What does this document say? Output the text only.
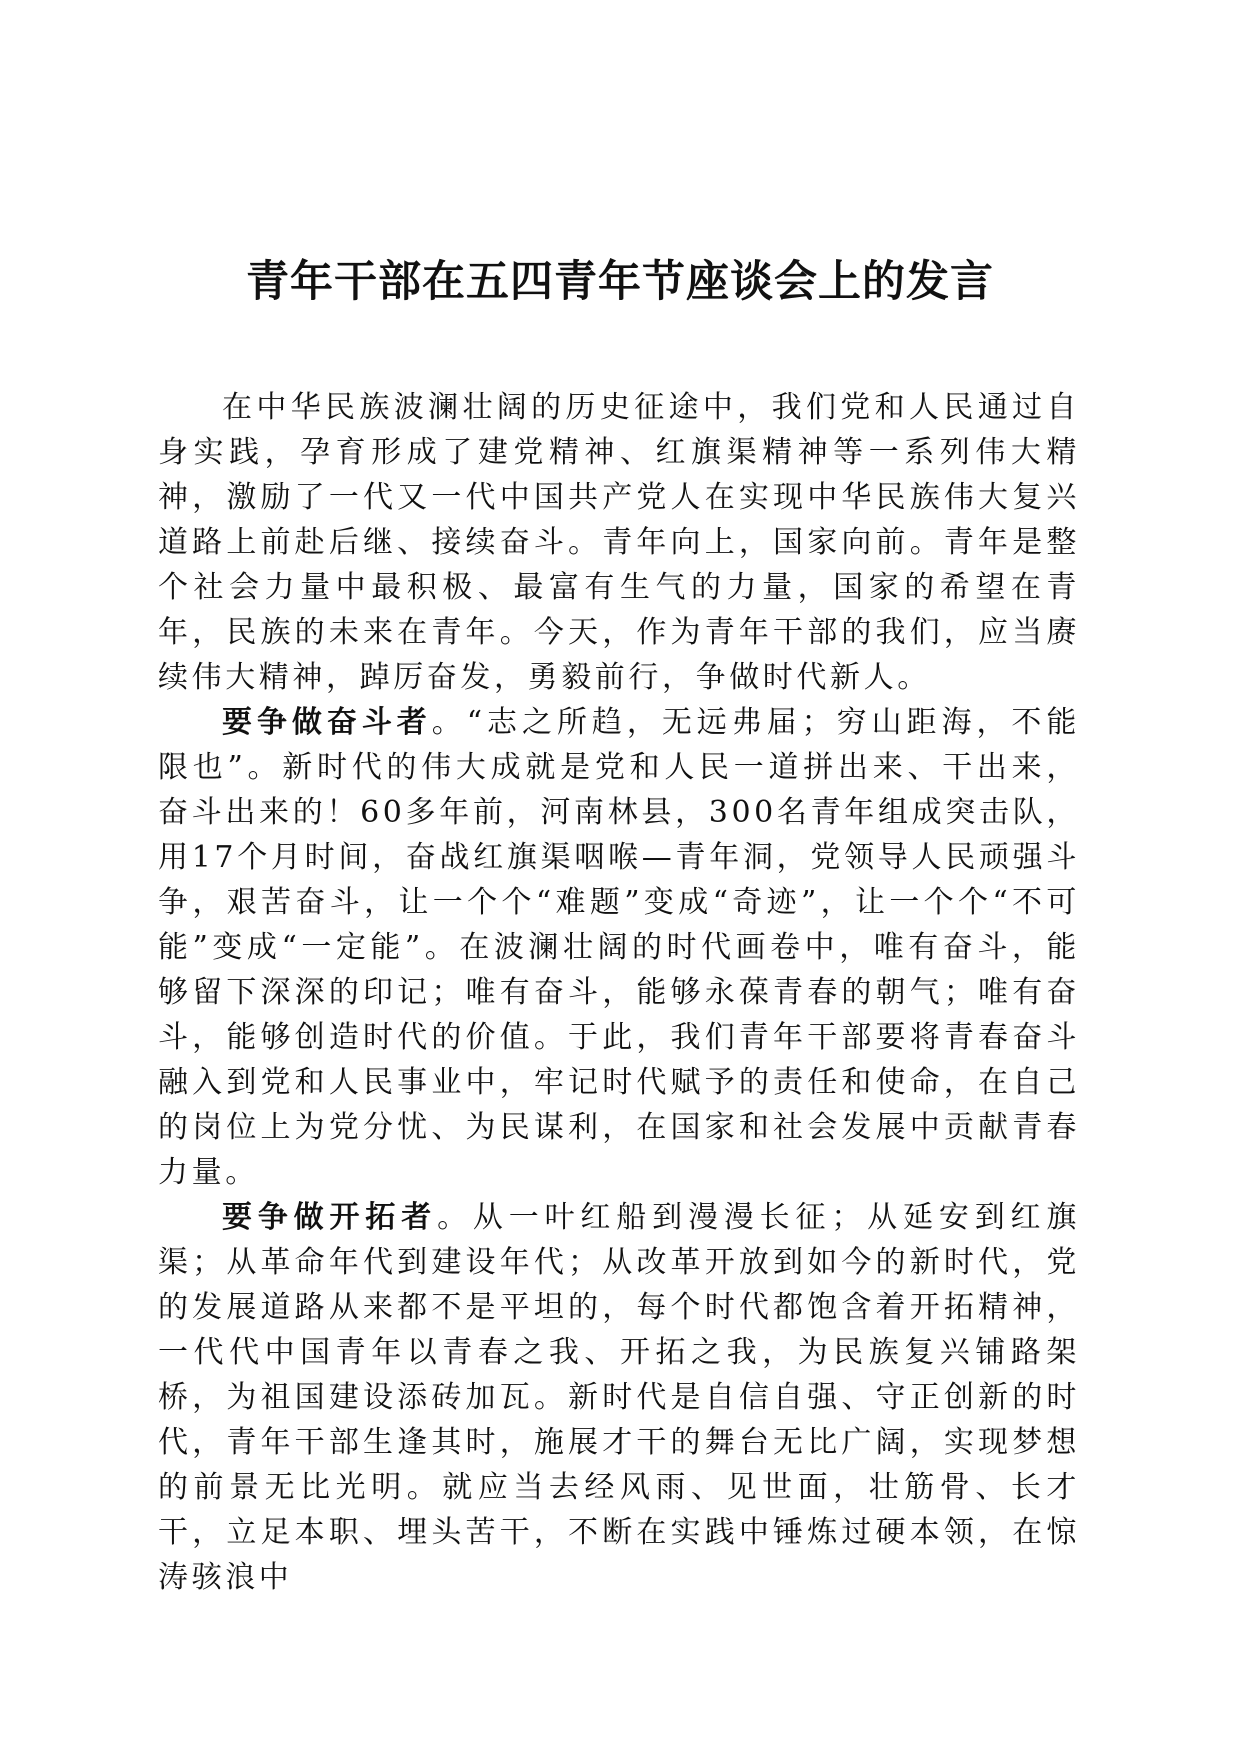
青年干部在五四青年节座谈会上的发言

在中华民族波澜壮阔的历史征途中，我们党和人民通过自身实践，孕育形成了建党精神、红旗渠精神等一系列伟大精神，激励了一代又一代中国共产党人在实现中华民族伟大复兴道路上前赴后继、接续奋斗。青年向上，国家向前。青年是整个社会力量中最积极、最富有生气的力量，国家的希望在青年，民族的未来在青年。今天，作为青年干部的我们，应当赓续伟大精神，踔厉奋发，勇毅前行，争做时代新人。

要争做奋斗者。“志之所趋，无远弗届；穷山距海，不能限也”。新时代的伟大成就是党和人民一道拼出来、干出来，奋斗出来的！60多年前，河南林县，300名青年组成突击队，用17个月时间，奋战红旗渠咽喉—青年洞，党领导人民顽强斗争，艰苦奋斗，让一个个“难题”变成“奇迹”，让一个个“不可能”变成“一定能”。在波澜壮阔的时代画卷中，唯有奋斗，能够留下深深的印记；唯有奋斗，能够永葆青春的朝气；唯有奋斗，能够创造时代的价值。于此，我们青年干部要将青春奋斗融入到党和人民事业中，牢记时代赋予的责任和使命，在自己的岗位上为党分忧、为民谋利，在国家和社会发展中贡献青春力量。

要争做开拓者。从一叶红船到漫漫长征；从延安到红旗渠；从革命年代到建设年代；从改革开放到如今的新时代，党的发展道路从来都不是平坦的，每个时代都饱含着开拓精神，一代代中国青年以青春之我、开拓之我，为民族复兴铺路架桥，为祖国建设添砖加瓦。新时代是自信自强、守正创新的时代，青年干部生逢其时，施展才干的舞台无比广阔，实现梦想的前景无比光明。就应当去经风雨、见世面，壮筋骨、长才干，立足本职、埋头苦干，不断在实践中锤炼过硬本领，在惊涛骇浪中
